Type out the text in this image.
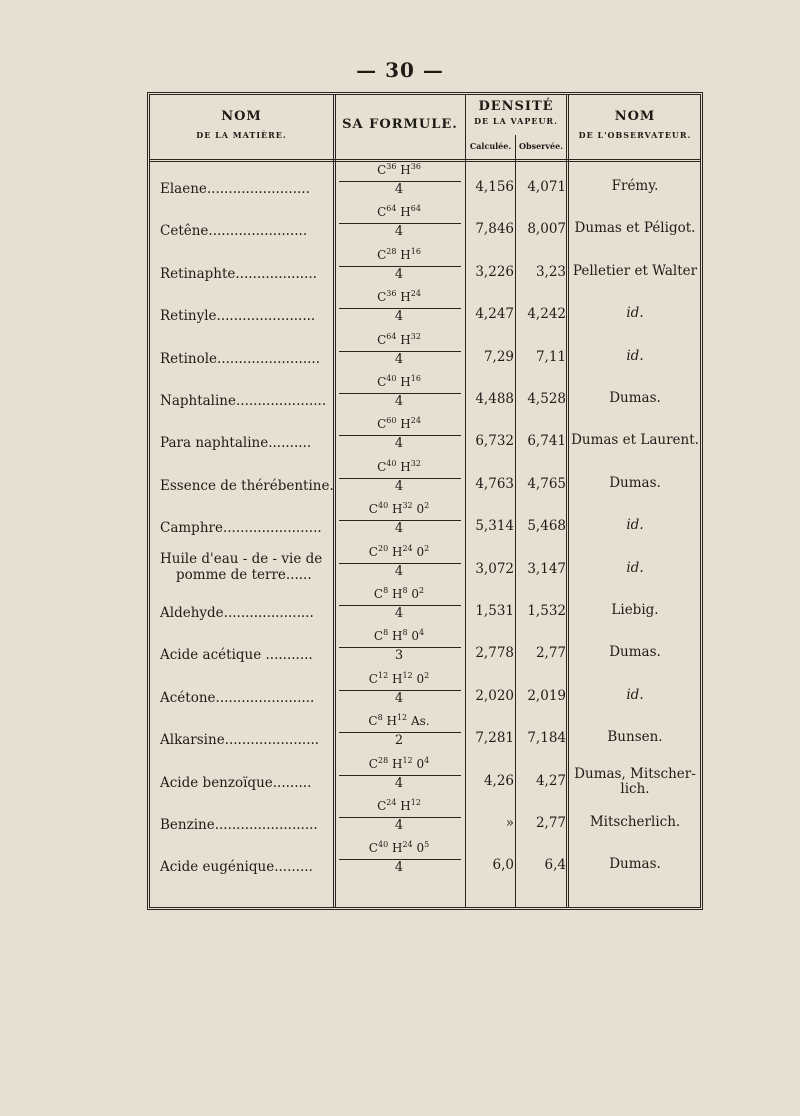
— 30 —
NOM
DE LA MATIÈRE.
SA FORMULE.
DENSITÉ
DE LA VAPEUR.
Calculée. Observée.
NOM
DE L'OBSERVATEUR.
Elaene........................
$C^{36}$ $H^{36}$
4	4,156 4,071	Frémy.
Cetêne.......................
$C^{64}$ $H^{64}$
4	7,846 8,007 Dumas et Péligot.
Retinaphte...................
$C^{28}$ $H^{16}$
4	3,226	3,23 Pelletier et Walter
Retinyle.......................
$C^{36}$ $H^{24}$
4	4,247 4,242	id.
Retinole........................
$C^{64}$ $H^{32}$
4	7,29	7,11	id.
Naphtaline.....................
$C^{40}$ $H^{16}$
4	4,488 4,528	Dumas.
Para naphtaline..........
$C^{60}$ $H^{24}$
4	6,732 6,741 Dumas et Laurent.
Essence de thérébentine.
$C^{40}$ $H^{32}$
4	4,763 4,765	Dumas.
Camphre.......................
$C^{40}$ $H^{32}$ $0^2$
4	5,314 5,468	id.
Huile d'eau - de - vie de
pomme de terre......
$C^{20}$ $H^{24}$ $0^2$
4	3,072 3,147	id.
Aldehyde.....................
$C^8$ $H^8$ $0^2$
4	1,531 1,532	Liebig.
Acide acétique ...........
$C^8$ $H^8$ $0^4$
3	2,778	2,77	Dumas.
Acétone.......................
$C^{12}$ $H^{12}$ $0^2$
4	2,020 2,019	id.
Alkarsine......................
$C^8$ $H^{12}$ As.
2	7,281 7,184	Bunsen.
Acide benzoïque.........
$C^{28}$ $H^{12}$ $0^4$
4	4,26	4,27 Dumas, Mitscher-
lich.
Benzine........................
$C^{24}$ $H^{12}$
4	»	2,77	Mitscherlich.
Acide eugénique.........
$C^{40}$ $H^{24}$ $0^5$
4	6,0	6,4	Dumas.
